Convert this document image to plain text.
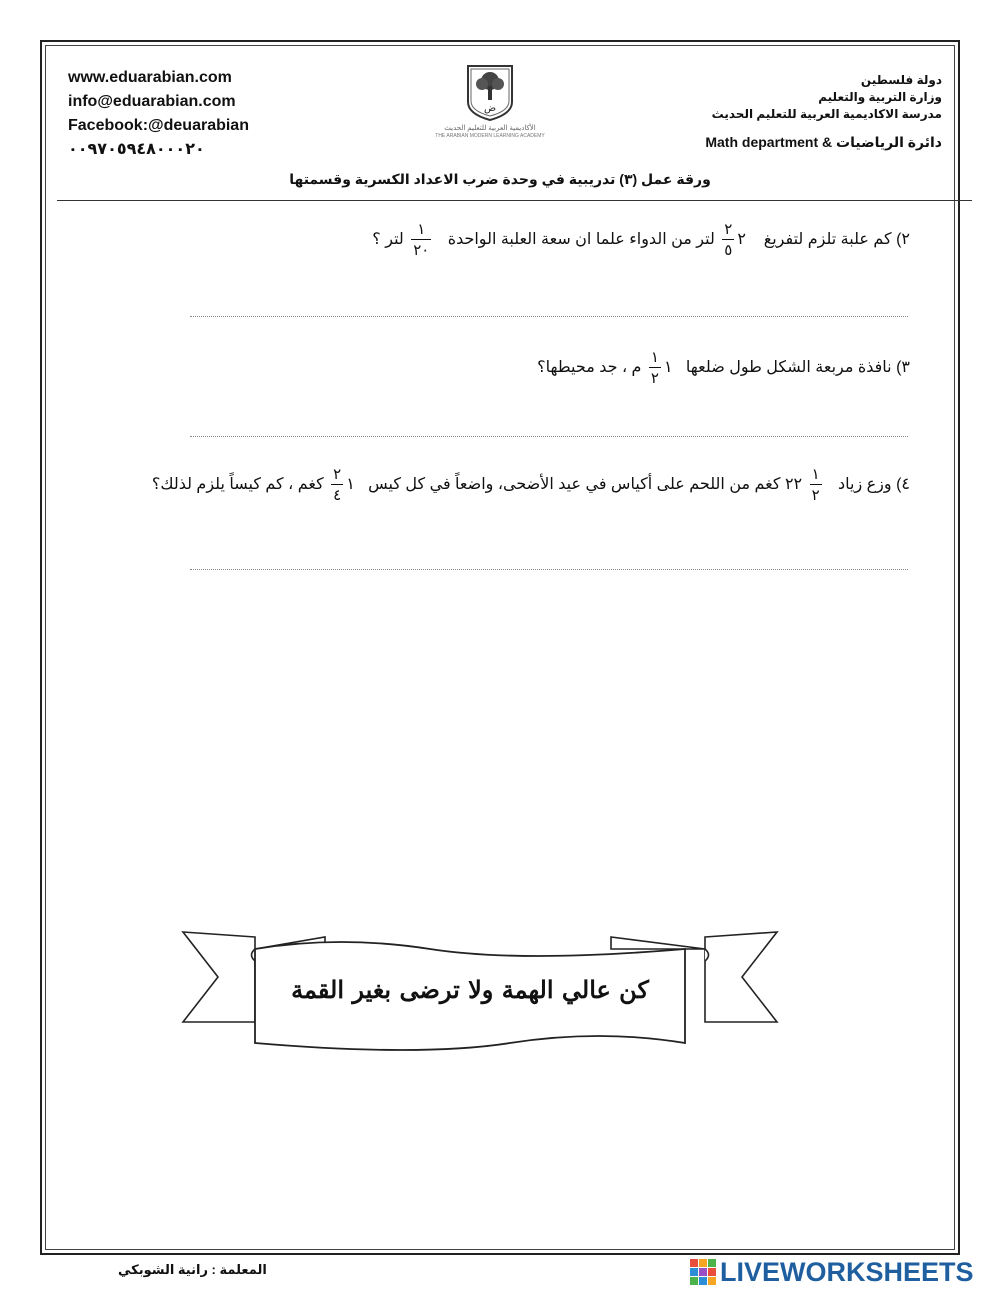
www.eduarabian.com
info@eduarabian.com
Facebook:@deuarabian
٠٠٩٧٠٥٩٤٨٠٠٠٢٠
ض
الأكاديمية العربية للتعليم الحديث
THE ARABIAN MODERN LEARNING ACADEMY
دولة فلسطين
وزارة التربية والتعليم
مدرسة الاكاديمية العربية للتعليم الحديث
دائرة الرياضيات & Math department
ورقة عمل (٣) تدريبية في وحدة ضرب الاعداد الكسرية وقسمتها
٢) كم علبة تلزم لتفريغ    ٢
$\frac{٢}{٥}$
لتر من الدواء علما ان سعة العلبة الواحدة
$\frac{١}{٢٠}$
لتر ؟
٣) نافذة مربعة الشكل طول ضلعها   ١
$\frac{١}{٢}$
م ، جد محيطها؟
٤) وزع زياد
$\frac{١}{٢}$
٢٢ كغم من اللحم على أكياس في عيد الأضحى، واضعاً في كل كيس   ١
$\frac{٢}{٤}$
كغم ، كم كيساً يلزم لذلك؟
كن عالي الهمة ولا ترضى بغير القمة
المعلمة : رانية الشوبكي	LIVEWORKSHEETS
